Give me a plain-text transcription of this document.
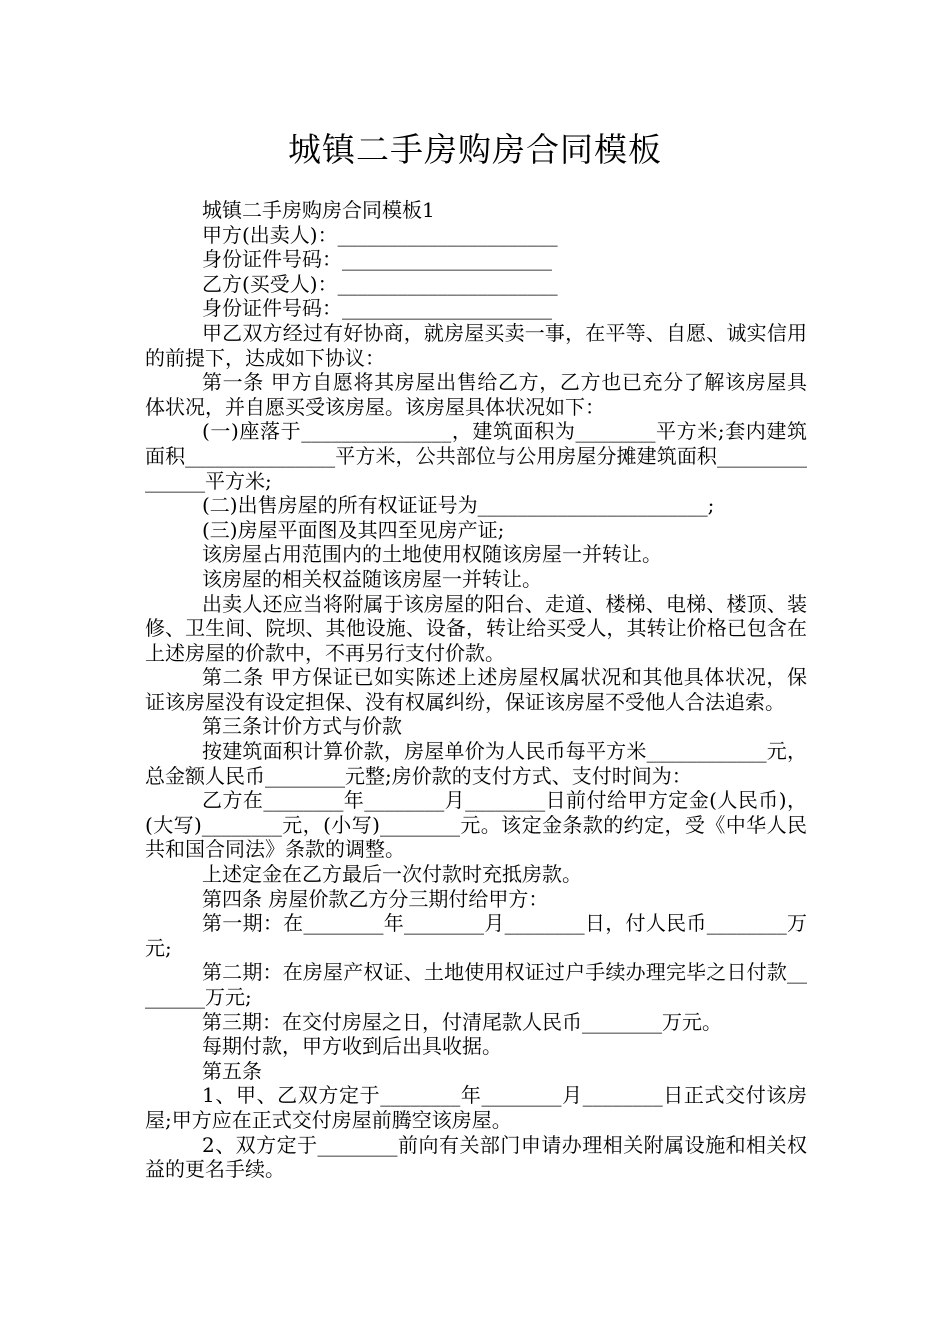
城镇二手房购房合同模板

城镇二手房购房合同模板1

甲方(出卖人)：______________________

身份证件号码：_____________________

乙方(买受人)：______________________

身份证件号码：_____________________

甲乙双方经过有好协商，就房屋买卖一事，在平等、自愿、诚实信用的前提下，达成如下协议：

第一条 甲方自愿将其房屋出售给乙方，乙方也已充分了解该房屋具体状况，并自愿买受该房屋。该房屋具体状况如下：

(一)座落于_______________，建筑面积为________平方米;套内建筑面积_______________平方米，公共部位与公用房屋分摊建筑面积_______________平方米;

(二)出售房屋的所有权证证号为_______________________;

(三)房屋平面图及其四至见房产证;

该房屋占用范围内的土地使用权随该房屋一并转让。

该房屋的相关权益随该房屋一并转让。

出卖人还应当将附属于该房屋的阳台、走道、楼梯、电梯、楼顶、装修、卫生间、院坝、其他设施、设备，转让给买受人，其转让价格已包含在上述房屋的价款中，不再另行支付价款。

第二条 甲方保证已如实陈述上述房屋权属状况和其他具体状况，保证该房屋没有设定担保、没有权属纠纷，保证该房屋不受他人合法追索。

第三条计价方式与价款

按建筑面积计算价款，房屋单价为人民币每平方米____________元，总金额人民币________元整;房价款的支付方式、支付时间为：

乙方在________年________月________日前付给甲方定金(人民币)，(大写)________元，(小写)________元。该定金条款的约定，受《中华人民共和国合同法》条款的调整。

上述定金在乙方最后一次付款时充抵房款。

第四条 房屋价款乙方分三期付给甲方：

第一期：在________年________月________日，付人民币________万元;

第二期：在房屋产权证、土地使用权证过户手续办理完毕之日付款________万元;

第三期：在交付房屋之日，付清尾款人民币________万元。

每期付款，甲方收到后出具收据。

第五条

1、甲、乙双方定于________年________月________日正式交付该房屋;甲方应在正式交付房屋前腾空该房屋。

2、双方定于________前向有关部门申请办理相关附属设施和相关权益的更名手续。
